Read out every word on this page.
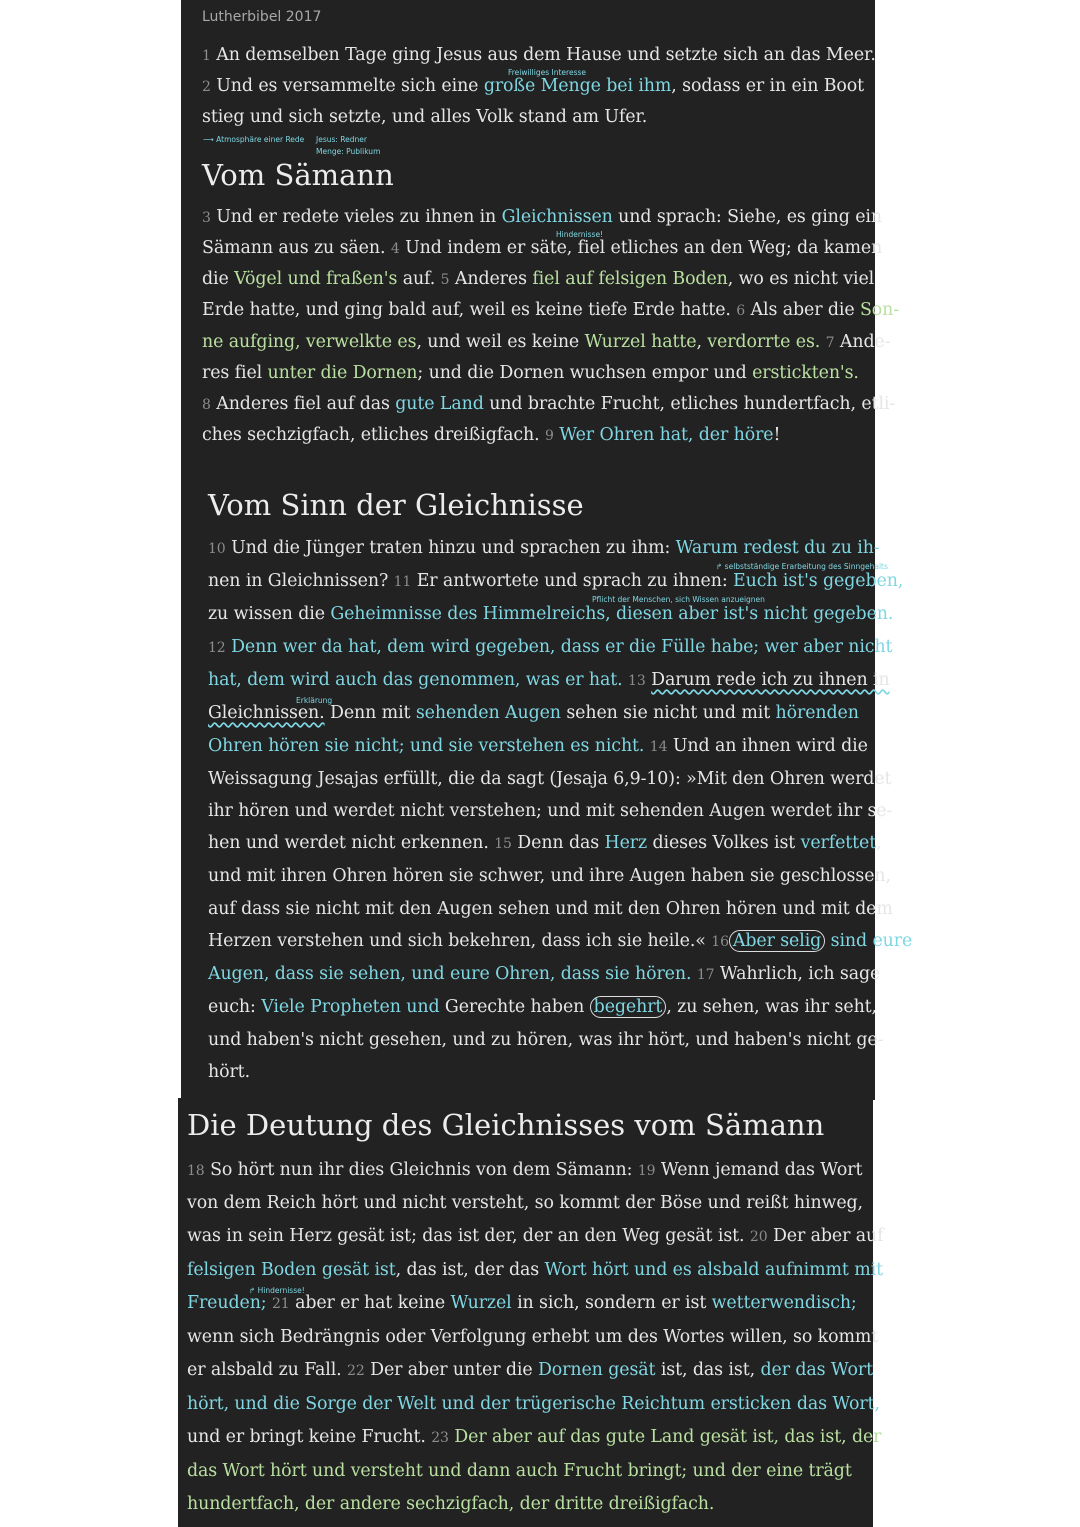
Lutherbibel 2017
1 An demselben Tage ging Jesus aus dem Hause und setzte sich an das Meer.
Freiwilliges Interesse
2 Und es versammelte sich eine große Menge bei ihm, sodass er in ein Boot
stieg und sich setzte, und alles Volk stand am Ufer.
⟶ Atmosphäre einer Rede Jesus: Redner
Menge: Publikum
Vom Sämann
3 Und er redete vieles zu ihnen in Gleichnissen und sprach: Siehe, es ging ein
Hindernisse!
Sämann aus zu säen. 4 Und indem er säte, fiel etliches an den Weg; da kamen
die Vögel und fraßen's auf. 5 Anderes fiel auf felsigen Boden, wo es nicht viel
Erde hatte, und ging bald auf, weil es keine tiefe Erde hatte. 6 Als aber die Son-
ne aufging, verwelkte es, und weil es keine Wurzel hatte, verdorrte es. 7 Ande-
res fiel unter die Dornen; und die Dornen wuchsen empor und erstickten's.
8 Anderes fiel auf das gute Land und brachte Frucht, etliches hundertfach, etli-
ches sechzigfach, etliches dreißigfach. 9 Wer Ohren hat, der höre!
Vom Sinn der Gleichnisse
10 Und die Jünger traten hinzu und sprachen zu ihm: Warum redest du zu ih-
↱ selbstständige Erarbeitung des Sinngehalts
nen in Gleichnissen? 11 Er antwortete und sprach zu ihnen: Euch ist's gegeben,
Pflicht der Menschen, sich Wissen anzueignen
zu wissen die Geheimnisse des Himmelreichs, diesen aber ist's nicht gegeben.
12 Denn wer da hat, dem wird gegeben, dass er die Fülle habe; wer aber nicht
hat, dem wird auch das genommen, was er hat. 13 Darum rede ich zu ihnen in
Erklärung
Gleichnissen. Denn mit sehenden Augen sehen sie nicht und mit hörenden
Ohren hören sie nicht; und sie verstehen es nicht. 14 Und an ihnen wird die
Weissagung Jesajas erfüllt, die da sagt (Jesaja 6,9-10): »Mit den Ohren werdet
ihr hören und werdet nicht verstehen; und mit sehenden Augen werdet ihr se-
hen und werdet nicht erkennen. 15 Denn das Herz dieses Volkes ist verfettet,
und mit ihren Ohren hören sie schwer, und ihre Augen haben sie geschlossen,
auf dass sie nicht mit den Augen sehen und mit den Ohren hören und mit dem
Herzen verstehen und sich bekehren, dass ich sie heile.« 16 Aber selig sind eure
Augen, dass sie sehen, und eure Ohren, dass sie hören. 17 Wahrlich, ich sage
euch: Viele Propheten und Gerechte haben begehrt , zu sehen, was ihr seht,
und haben's nicht gesehen, und zu hören, was ihr hört, und haben's nicht ge-
hört.
Die Deutung des Gleichnisses vom Sämann
18 So hört nun ihr dies Gleichnis von dem Sämann: 19 Wenn jemand das Wort
von dem Reich hört und nicht versteht, so kommt der Böse und reißt hinweg,
was in sein Herz gesät ist; das ist der, der an den Weg gesät ist. 20 Der aber auf
felsigen Boden gesät ist, das ist, der das Wort hört und es alsbald aufnimmt mit
↱ Hindernisse!
Freuden; 21 aber er hat keine Wurzel in sich, sondern er ist wetterwendisch;
wenn sich Bedrängnis oder Verfolgung erhebt um des Wortes willen, so kommt
er alsbald zu Fall. 22 Der aber unter die Dornen gesät ist, das ist, der das Wort
hört, und die Sorge der Welt und der trügerische Reichtum ersticken das Wort,
und er bringt keine Frucht. 23 Der aber auf das gute Land gesät ist, das ist, der
das Wort hört und versteht und dann auch Frucht bringt; und der eine trägt
hundertfach, der andere sechzigfach, der dritte dreißigfach.
